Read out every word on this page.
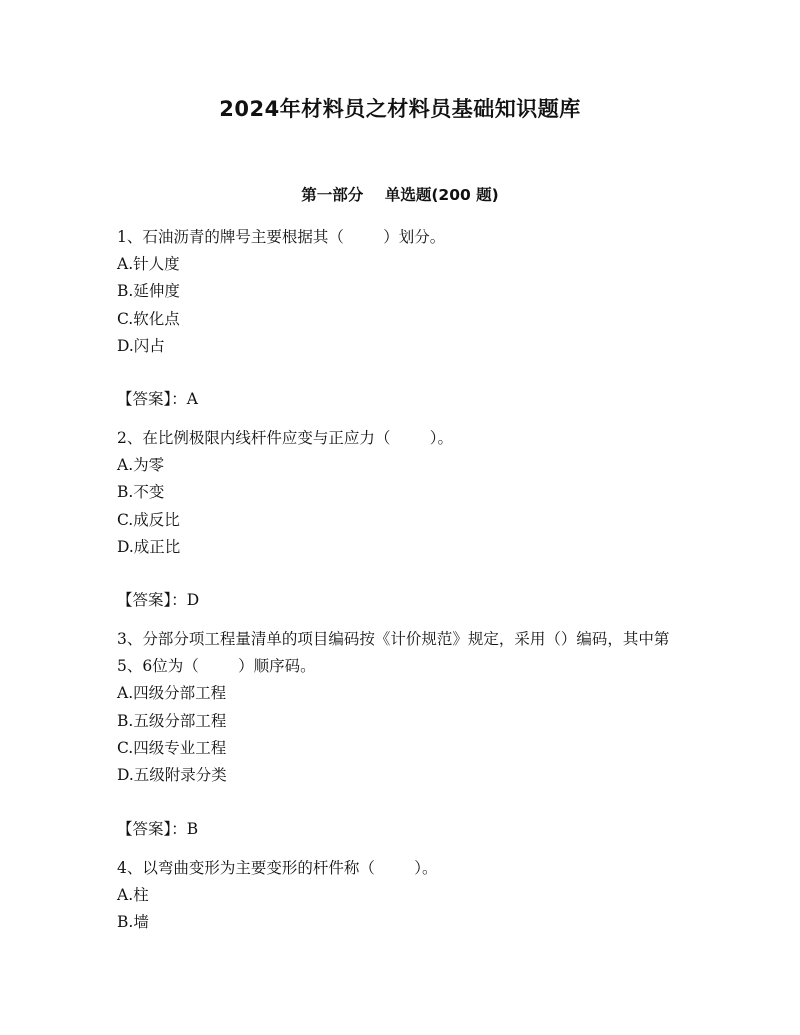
2024年材料员之材料员基础知识题库
第一部分    单选题(200 题)
1、石油沥青的牌号主要根据其（        ）划分。
A.针人度
B.延伸度
C.软化点
D.闪占
【答案】：A
2、在比例极限内线杆件应变与正应力（        ）。
A.为零
B.不变
C.成反比
D.成正比
【答案】：D
3、分部分项工程量清单的项目编码按《计价规范》规定，采用（）编码，其中第5、6位为（        ）顺序码。
A.四级分部工程
B.五级分部工程
C.四级专业工程
D.五级附录分类
【答案】：B
4、以弯曲变形为主要变形的杆件称（        ）。
A.柱
B.墙
